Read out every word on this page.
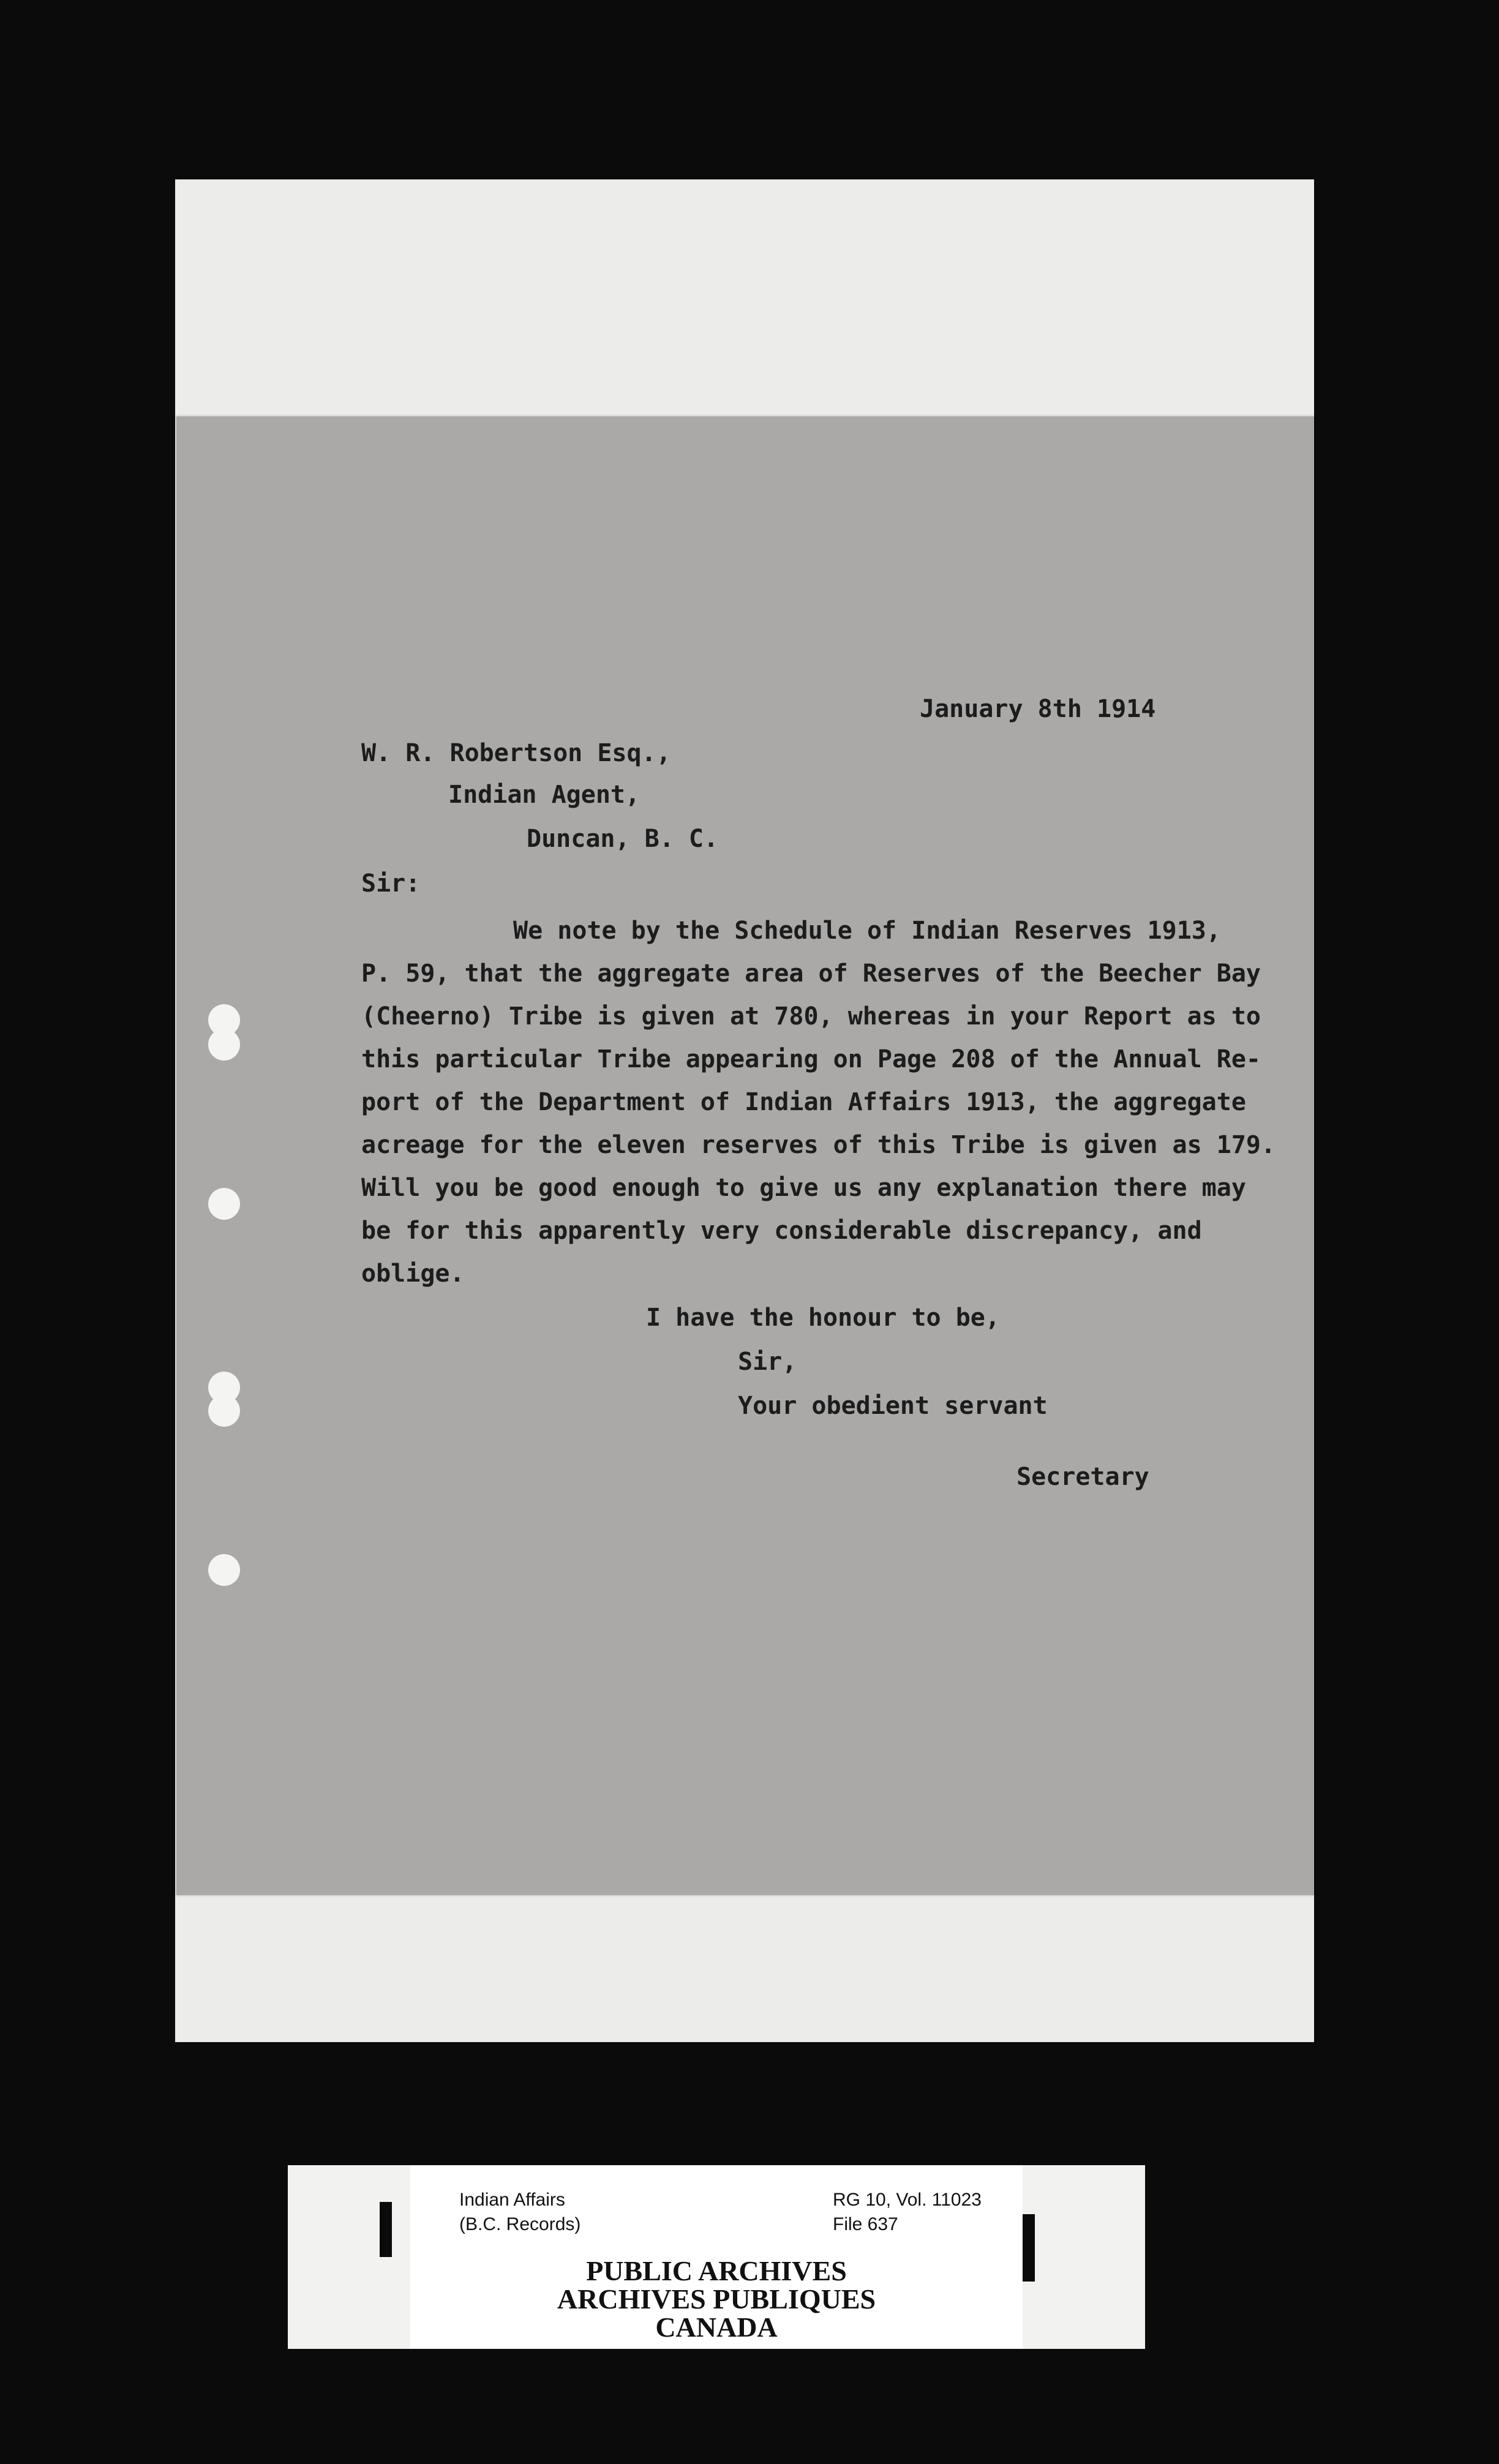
January 8th 1914
W. R. Robertson Esq.,
Indian Agent,
Duncan, B. C.
Sir:
We note by the Schedule of Indian Reserves 1913,
P. 59, that the aggregate area of Reserves of the Beecher Bay
(Cheerno) Tribe is given at 780, whereas in your Report as to
this particular Tribe appearing on Page 208 of the Annual Re-
port of the Department of Indian Affairs 1913, the aggregate
acreage for the eleven reserves of this Tribe is given as 179.
Will you be good enough to give us any explanation there may
be for this apparently very considerable discrepancy, and
oblige.
I have the honour to be,
Sir,
Your obedient servant
Secretary
Indian Affairs
(B.C. Records)
RG 10, Vol. 11023
File 637
PUBLIC ARCHIVES
ARCHIVES PUBLIQUES
CANADA
